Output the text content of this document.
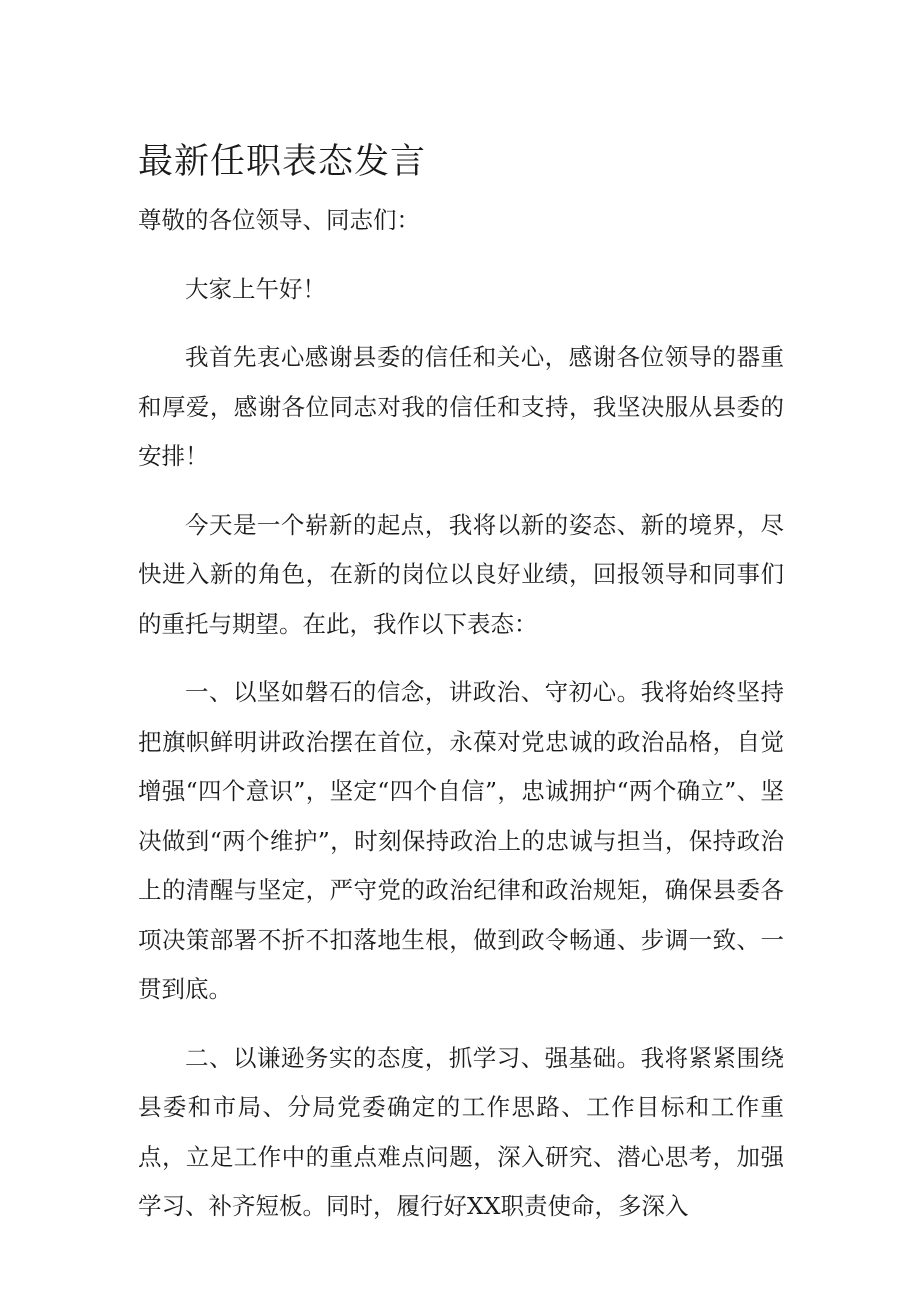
最新任职表态发言

尊敬的各位领导、同志们：

大家上午好！

我首先衷心感谢县委的信任和关心，感谢各位领导的器重和厚爱，感谢各位同志对我的信任和支持，我坚决服从县委的安排！

今天是一个崭新的起点，我将以新的姿态、新的境界，尽快进入新的角色，在新的岗位以良好业绩，回报领导和同事们的重托与期望。在此，我作以下表态：

一、以坚如磐石的信念，讲政治、守初心。我将始终坚持把旗帜鲜明讲政治摆在首位，永葆对党忠诚的政治品格，自觉增强“四个意识”，坚定“四个自信”，忠诚拥护“两个确立”、坚决做到“两个维护”，时刻保持政治上的忠诚与担当，保持政治上的清醒与坚定，严守党的政治纪律和政治规矩，确保县委各项决策部署不折不扣落地生根，做到政令畅通、步调一致、一贯到底。

二、以谦逊务实的态度，抓学习、强基础。我将紧紧围绕县委和市局、分局党委确定的工作思路、工作目标和工作重点，立足工作中的重点难点问题，深入研究、潜心思考，加强学习、补齐短板。同时，履行好XX职责使命，多深入
